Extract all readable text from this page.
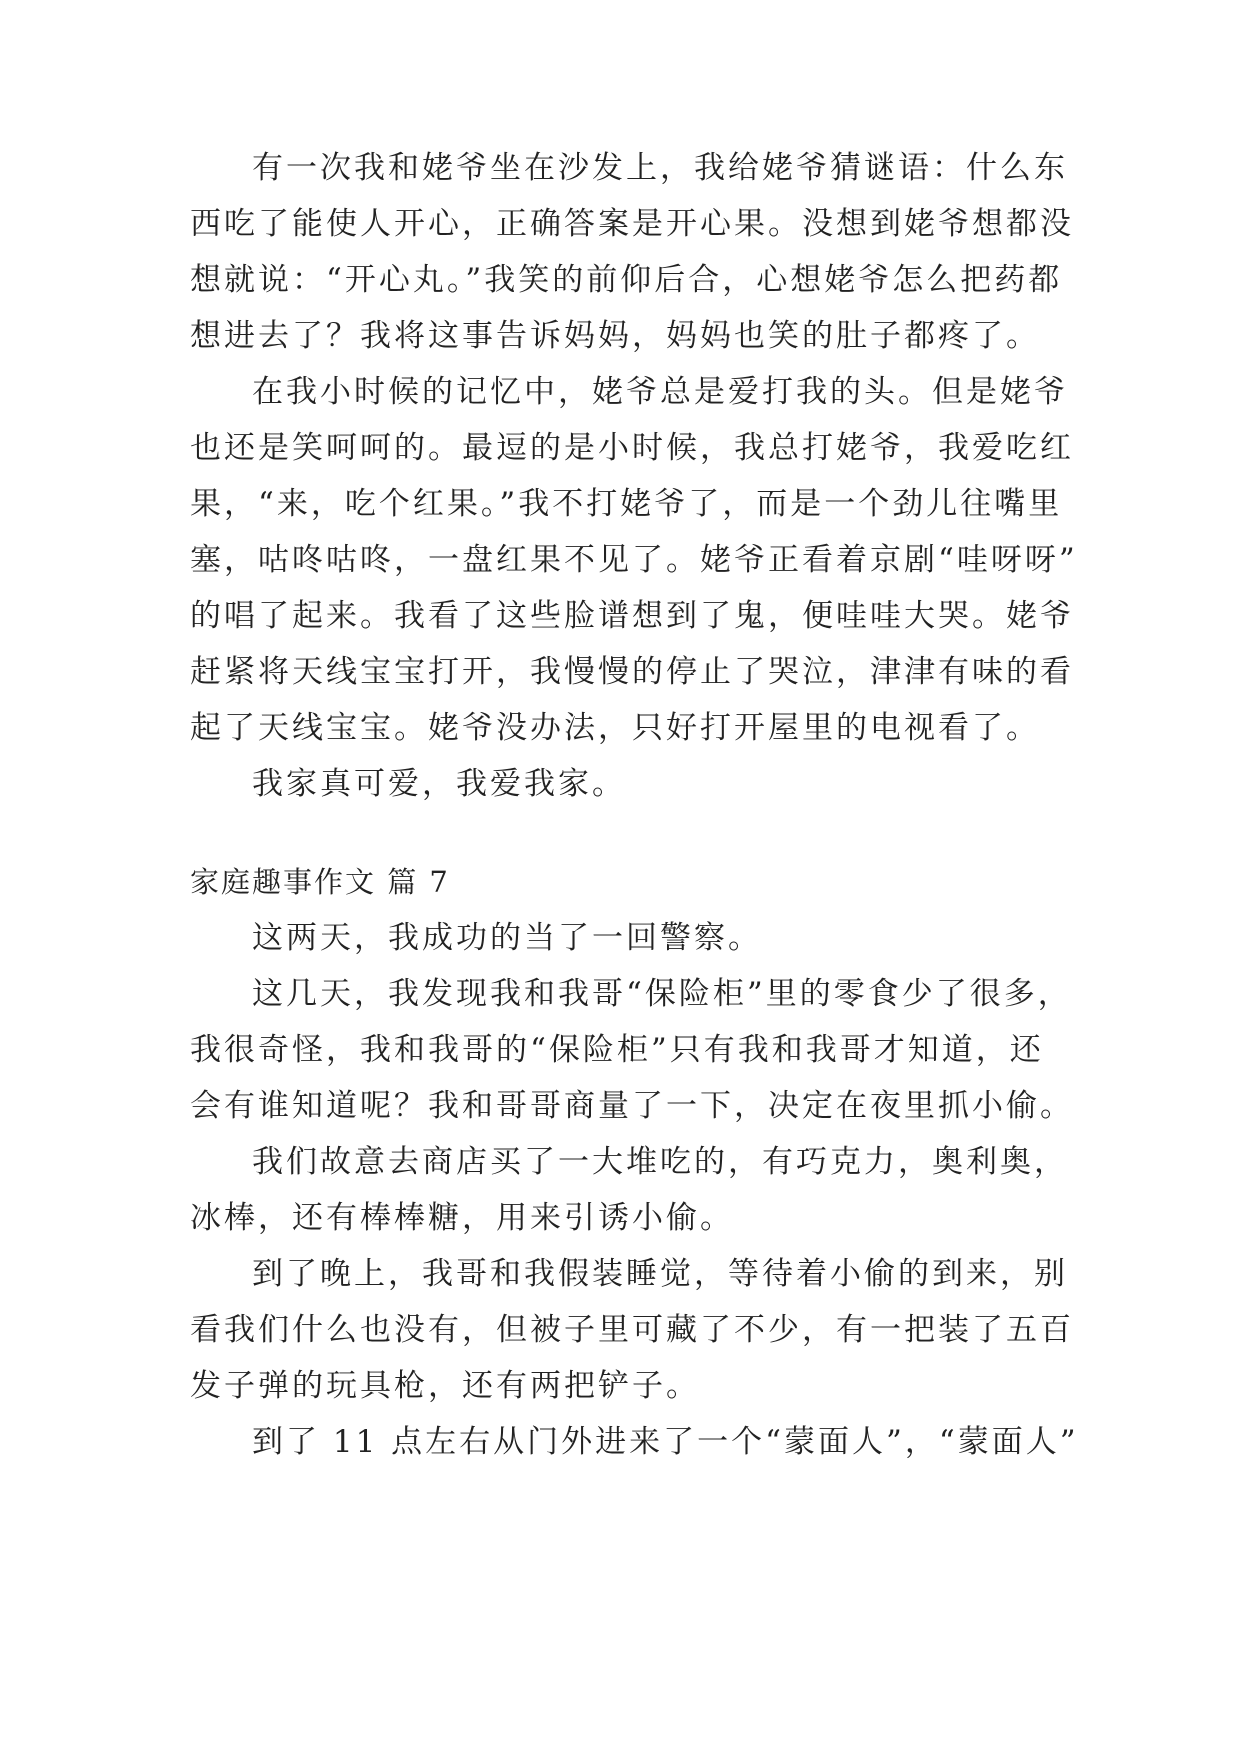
有一次我和姥爷坐在沙发上，我给姥爷猜谜语：什么东
西吃了能使人开心，正确答案是开心果。没想到姥爷想都没
想就说：“开心丸。”我笑的前仰后合，心想姥爷怎么把药都
想进去了？我将这事告诉妈妈，妈妈也笑的肚子都疼了。
在我小时候的记忆中，姥爷总是爱打我的头。但是姥爷
也还是笑呵呵的。最逗的是小时候，我总打姥爷，我爱吃红
果，“来，吃个红果。”我不打姥爷了，而是一个劲儿往嘴里
塞，咕咚咕咚，一盘红果不见了。姥爷正看着京剧“哇呀呀”
的唱了起来。我看了这些脸谱想到了鬼，便哇哇大哭。姥爷
赶紧将天线宝宝打开，我慢慢的停止了哭泣，津津有味的看
起了天线宝宝。姥爷没办法，只好打开屋里的电视看了。
我家真可爱，我爱我家。
家庭趣事作文 篇 7
这两天，我成功的当了一回警察。
这几天，我发现我和我哥“保险柜”里的零食少了很多，
我很奇怪，我和我哥的“保险柜”只有我和我哥才知道，还
会有谁知道呢？我和哥哥商量了一下，决定在夜里抓小偷。
我们故意去商店买了一大堆吃的，有巧克力，奥利奥，
冰棒，还有棒棒糖，用来引诱小偷。
到了晚上，我哥和我假装睡觉，等待着小偷的到来，别
看我们什么也没有，但被子里可藏了不少，有一把装了五百
发子弹的玩具枪，还有两把铲子。
到了 11 点左右从门外进来了一个“蒙面人”，“蒙面人”
